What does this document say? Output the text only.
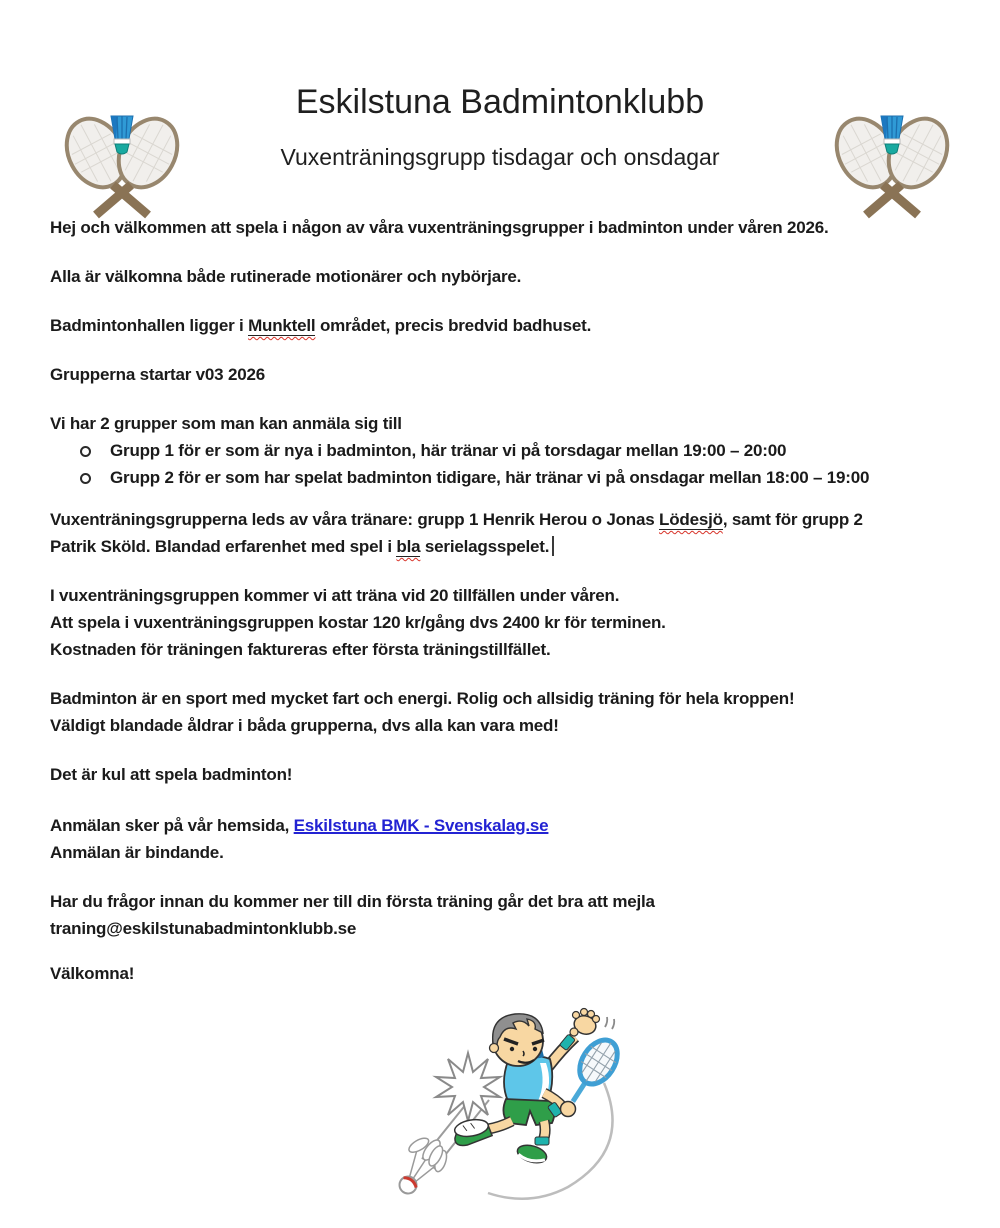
Eskilstuna Badmintonklubb
Vuxenträningsgrupp tisdagar och onsdagar

Hej och välkommen att spela i någon av våra vuxenträningsgrupper i badminton under våren 2026.

Alla är välkomna både rutinerade motionärer och nybörjare.

Badmintonhallen ligger i Munktell området, precis bredvid badhuset.

Grupperna startar v03 2026

Vi har 2 grupper som man kan anmäla sig till

Grupp 1 för er som är nya i badminton, här tränar vi på torsdagar mellan 19:00 – 20:00
Grupp 2 för er som har spelat badminton tidigare, här tränar vi på onsdagar mellan 18:00 – 19:00

Vuxenträningsgrupperna leds av våra tränare: grupp 1 Henrik Herou o Jonas Lödesjö, samt för grupp 2
Patrik Sköld. Blandad erfarenhet med spel i bla serielagsspelet.

I vuxenträningsgruppen kommer vi att träna vid 20 tillfällen under våren.
Att spela i vuxenträningsgruppen kostar 120 kr/gång dvs 2400 kr för terminen.
Kostnaden för träningen faktureras efter första träningstillfället.
Badminton är en sport med mycket fart och energi. Rolig och allsidig träning för hela kroppen!
Väldigt blandade åldrar i båda grupperna, dvs alla kan vara med!

Det är kul att spela badminton!

Anmälan sker på vår hemsida, Eskilstuna BMK - Svenskalag.se
Anmälan är bindande.
Har du frågor innan du kommer ner till din första träning går det bra att mejla
traning@eskilstunabadmintonklubb.se

Välkomna!
